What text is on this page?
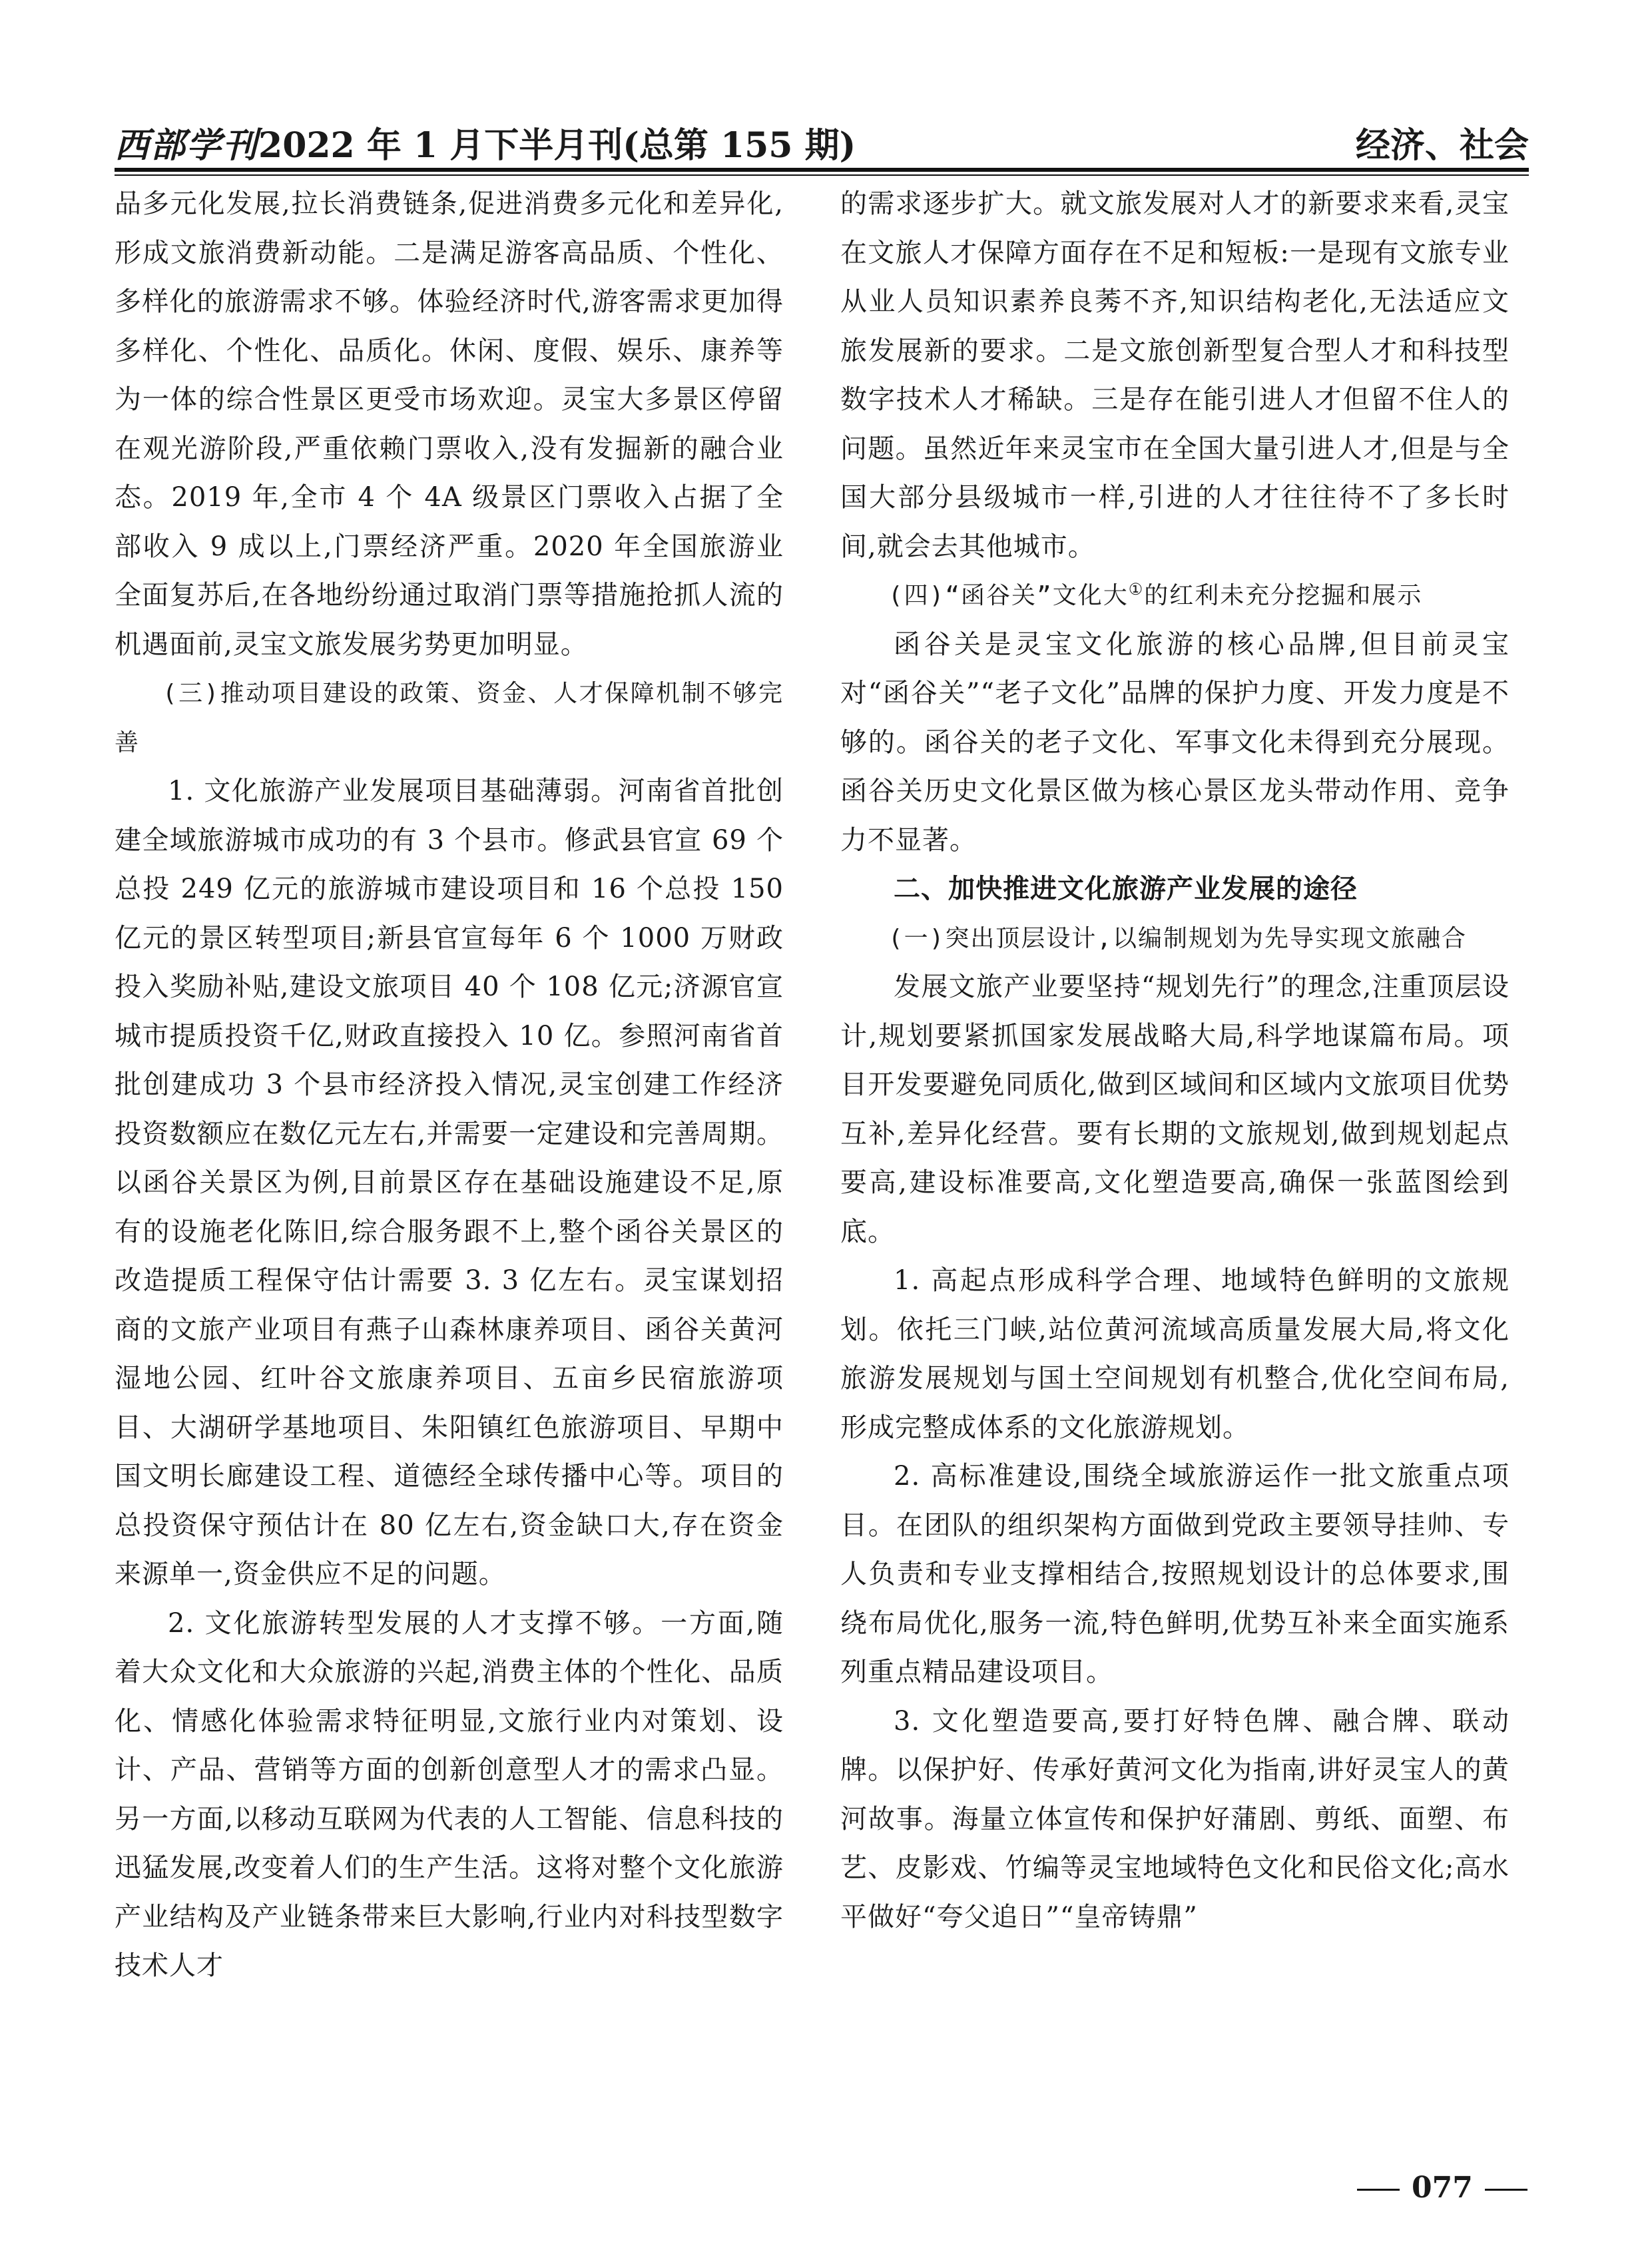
西部学刊2022 年 1 月下半月刊(总第 155 期)	经济、社会

品多元化发展,拉长消费链条,促进消费多元化和差异化,形成文旅消费新动能。二是满足游客高品质、个性化、多样化的旅游需求不够。体验经济时代,游客需求更加得多样化、个性化、品质化。休闲、度假、娱乐、康养等为一体的综合性景区更受市场欢迎。灵宝大多景区停留在观光游阶段,严重依赖门票收入,没有发掘新的融合业态。2019 年,全市 4 个 4A 级景区门票收入占据了全部收入 9 成以上,门票经济严重。2020 年全国旅游业全面复苏后,在各地纷纷通过取消门票等措施抢抓人流的机遇面前,灵宝文旅发展劣势更加明显。

(三)推动项目建设的政策、资金、人才保障机制不够完善

1. 文化旅游产业发展项目基础薄弱。河南省首批创建全域旅游城市成功的有 3 个县市。修武县官宣 69 个总投 249 亿元的旅游城市建设项目和 16 个总投 150 亿元的景区转型项目;新县官宣每年 6 个 1000 万财政投入奖励补贴,建设文旅项目 40 个 108 亿元;济源官宣城市提质投资千亿,财政直接投入 10 亿。参照河南省首批创建成功 3 个县市经济投入情况,灵宝创建工作经济投资数额应在数亿元左右,并需要一定建设和完善周期。以函谷关景区为例,目前景区存在基础设施建设不足,原有的设施老化陈旧,综合服务跟不上,整个函谷关景区的改造提质工程保守估计需要 3. 3 亿左右。灵宝谋划招商的文旅产业项目有燕子山森林康养项目、函谷关黄河湿地公园、红叶谷文旅康养项目、五亩乡民宿旅游项目、大湖研学基地项目、朱阳镇红色旅游项目、早期中国文明长廊建设工程、道德经全球传播中心等。项目的总投资保守预估计在 80 亿左右,资金缺口大,存在资金来源单一,资金供应不足的问题。

2. 文化旅游转型发展的人才支撑不够。一方面,随着大众文化和大众旅游的兴起,消费主体的个性化、品质化、情感化体验需求特征明显,文旅行业内对策划、设计、产品、营销等方面的创新创意型人才的需求凸显。另一方面,以移动互联网为代表的人工智能、信息科技的迅猛发展,改变着人们的生产生活。这将对整个文化旅游产业结构及产业链条带来巨大影响,行业内对科技型数字技术人才

的需求逐步扩大。就文旅发展对人才的新要求来看,灵宝在文旅人才保障方面存在不足和短板:一是现有文旅专业从业人员知识素养良莠不齐,知识结构老化,无法适应文旅发展新的要求。二是文旅创新型复合型人才和科技型数字技术人才稀缺。三是存在能引进人才但留不住人的问题。虽然近年来灵宝市在全国大量引进人才,但是与全国大部分县级城市一样,引进的人才往往待不了多长时间,就会去其他城市。

(四)“函谷关”文化大①的红利未充分挖掘和展示

函谷关是灵宝文化旅游的核心品牌,但目前灵宝对“函谷关”“老子文化”品牌的保护力度、开发力度是不够的。函谷关的老子文化、军事文化未得到充分展现。函谷关历史文化景区做为核心景区龙头带动作用、竞争力不显著。

二、加快推进文化旅游产业发展的途径

(一)突出顶层设计,以编制规划为先导实现文旅融合

发展文旅产业要坚持“规划先行”的理念,注重顶层设计,规划要紧抓国家发展战略大局,科学地谋篇布局。项目开发要避免同质化,做到区域间和区域内文旅项目优势互补,差异化经营。要有长期的文旅规划,做到规划起点要高,建设标准要高,文化塑造要高,确保一张蓝图绘到底。

1. 高起点形成科学合理、地域特色鲜明的文旅规划。依托三门峡,站位黄河流域高质量发展大局,将文化旅游发展规划与国土空间规划有机整合,优化空间布局,形成完整成体系的文化旅游规划。

2. 高标准建设,围绕全域旅游运作一批文旅重点项目。在团队的组织架构方面做到党政主要领导挂帅、专人负责和专业支撑相结合,按照规划设计的总体要求,围绕布局优化,服务一流,特色鲜明,优势互补来全面实施系列重点精品建设项目。

3. 文化塑造要高,要打好特色牌、融合牌、联动牌。以保护好、传承好黄河文化为指南,讲好灵宝人的黄河故事。海量立体宣传和保护好蒲剧、剪纸、面塑、布艺、皮影戏、竹编等灵宝地域特色文化和民俗文化;高水平做好“夸父追日”“皇帝铸鼎”

077
